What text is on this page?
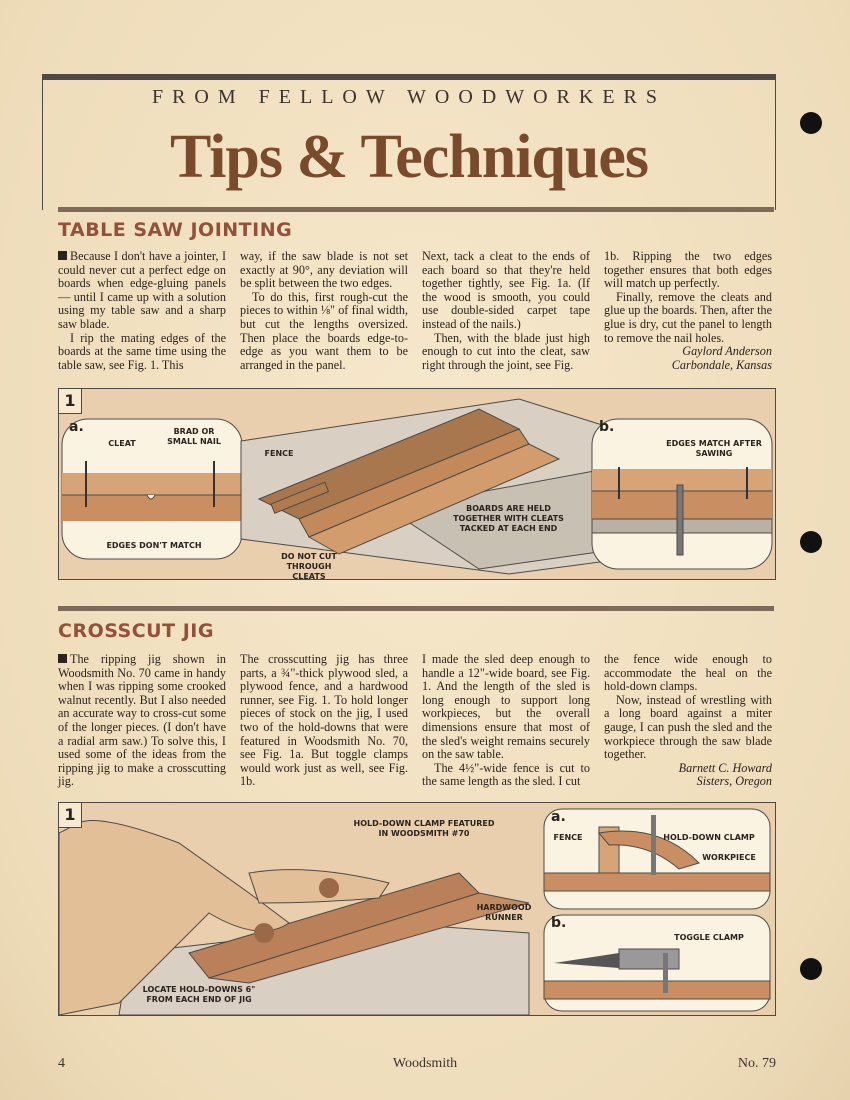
FROM FELLOW WOODWORKERS
Tips & Techniques
TABLE SAW JOINTING

Because I don't have a jointer, I could never cut a perfect edge on boards when edge-gluing panels — until I came up with a solution using my table saw and a sharp saw blade.

I rip the mating edges of the boards at the same time using the table saw, see Fig. 1. This

way, if the saw blade is not set exactly at 90°, any deviation will be split between the two edges.

To do this, first rough-cut the pieces to within ⅛" of final width, but cut the lengths oversized. Then place the boards edge-to-edge as you want them to be arranged in the panel.

Next, tack a cleat to the ends of each board so that they're held together tightly, see Fig. 1a. (If the wood is smooth, you could use double-sided carpet tape instead of the nails.)

Then, with the blade just high enough to cut into the cleat, saw right through the joint, see Fig.

1b. Ripping the two edges together ensures that both edges will match up perfectly.

Finally, remove the cleats and glue up the boards. Then, after the glue is dry, cut the panel to length to remove the nail holes.

Gaylord Anderson
Carbondale, Kansas
1
a.	b.
CLEAT
BRAD OR SMALL NAIL
EDGES DON'T MATCH
FENCE
DO NOT CUT THROUGH CLEATS
BOARDS ARE HELD TOGETHER WITH CLEATS TACKED AT EACH END
EDGES MATCH AFTER SAWING
CROSSCUT JIG

The ripping jig shown in Woodsmith No. 70 came in handy when I was ripping some crooked walnut recently. But I also needed an accurate way to cross-cut some of the longer pieces. (I don't have a radial arm saw.) To solve this, I used some of the ideas from the ripping jig to make a crosscutting jig.

The crosscutting jig has three parts, a ¾"-thick plywood sled, a plywood fence, and a hardwood runner, see Fig. 1. To hold longer pieces of stock on the jig, I used two of the hold-downs that were featured in Woodsmith No. 70, see Fig. 1a. But toggle clamps would work just as well, see Fig. 1b.

I made the sled deep enough to handle a 12"-wide board, see Fig. 1. And the length of the sled is long enough to support long workpieces, but the overall dimensions ensure that most of the sled's weight remains securely on the saw table.

The 4½"-wide fence is cut to the same length as the sled. I cut

the fence wide enough to accommodate the heal on the hold-down clamps.

Now, instead of wrestling with a long board against a miter gauge, I can push the sled and the workpiece through the saw blade together.

Barnett C. Howard
Sisters, Oregon
1	a.
b.
HOLD-DOWN CLAMP FEATURED IN WOODSMITH #70
HARDWOOD RUNNER
LOCATE HOLD-DOWNS 6" FROM EACH END OF JIG
FENCE	HOLD-DOWN CLAMP
WORKPIECE
TOGGLE CLAMP
4	Woodsmith	No. 79
